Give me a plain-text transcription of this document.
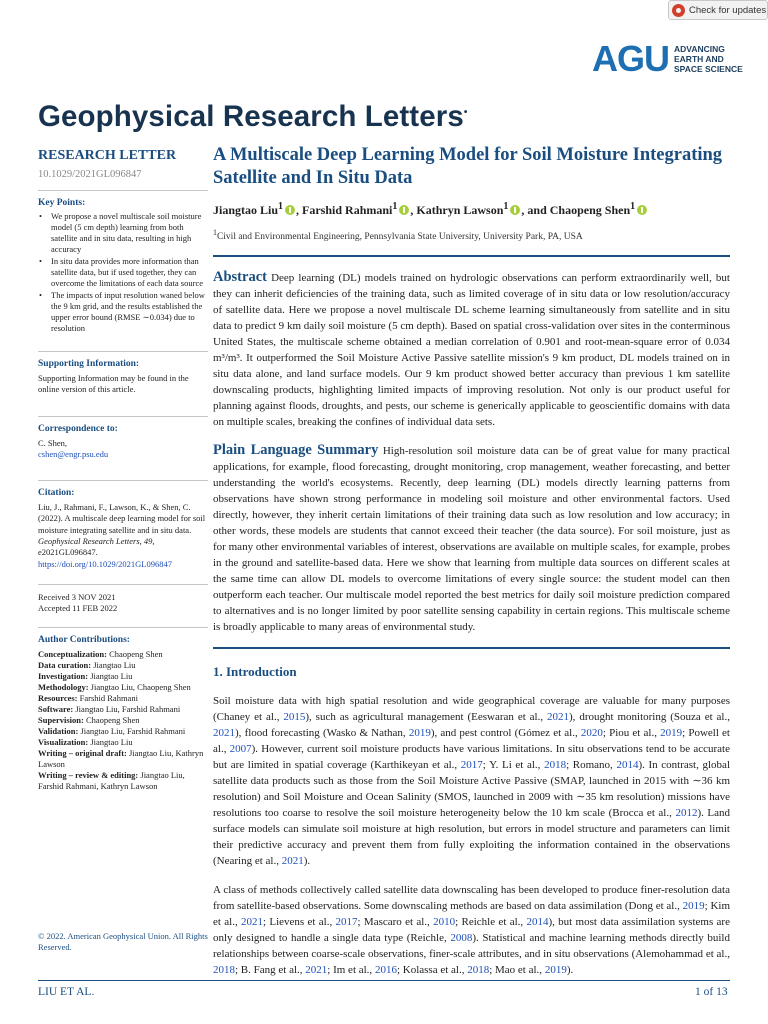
Check for updates
AGU ADVANCING
EARTH AND
SPACE SCIENCE
Geophysical Research Letters•
RESEARCH LETTER
10.1029/2021GL096847
Key Points:
• We propose a novel multiscale soil moisture model (5 cm depth) learning from both satellite and in situ data, resulting in high accuracy
• In situ data provides more information than satellite data, but if used together, they can overcome the limitations of each data source
• The impacts of input resolution waned below the 9 km grid, and the results established the upper error bound (RMSE ∼0.034) due to resolution
Supporting Information:
Supporting Information may be found in the online version of this article.
Correspondence to:
C. Shen,
cshen@engr.psu.edu
Citation:
Liu, J., Rahmani, F., Lawson, K., & Shen, C. (2022). A multiscale deep learning model for soil moisture integrating satellite and in situ data. Geophysical Research Letters, 49, e2021GL096847. https://doi.org/10.1029/2021GL096847
Received 3 NOV 2021
Accepted 11 FEB 2022
Author Contributions:

Conceptualization: Chaopeng Shen

Data curation: Jiangtao Liu

Investigation: Jiangtao Liu

Methodology: Jiangtao Liu, Chaopeng Shen

Resources: Farshid Rahmani

Software: Jiangtao Liu, Farshid Rahmani

Supervision: Chaopeng Shen

Validation: Jiangtao Liu, Farshid Rahmani

Visualization: Jiangtao Liu

Writing – original draft: Jiangtao Liu, Kathryn Lawson

Writing – review & editing: Jiangtao Liu, Farshid Rahmani, Kathryn Lawson

© 2022. American Geophysical Union. All Rights Reserved.
A Multiscale Deep Learning Model for Soil Moisture Integrating Satellite and In Situ Data
Jiangtao Liu$^1$ , Farshid Rahmani$^1$ , Kathryn Lawson$^1$ , and Chaopeng Shen$^1$
$^1$Civil and Environmental Engineering, Pennsylvania State University, University Park, PA, USA
Abstract Deep learning (DL) models trained on hydrologic observations can perform extraordinarily well, but they can inherit deficiencies of the training data, such as limited coverage of in situ data or low resolution/accuracy of satellite data. Here we propose a novel multiscale DL scheme learning simultaneously from satellite and in situ data to predict 9 km daily soil moisture (5 cm depth). Based on spatial cross-validation over sites in the conterminous United States, the multiscale scheme obtained a median correlation of 0.901 and root-mean-square error of 0.034 m³/m³. It outperformed the Soil Moisture Active Passive satellite mission's 9 km product, DL models trained on in situ data alone, and land surface models. Our 9 km product showed better accuracy than previous 1 km satellite downscaling products, highlighting limited impacts of improving resolution. Not only is our product useful for planning against floods, droughts, and pests, our scheme is generically applicable to geoscientific domains with data on multiple scales, breaking the confines of individual data sets.
Plain Language Summary High-resolution soil moisture data can be of great value for many practical applications, for example, flood forecasting, drought monitoring, crop management, weather forecasting, and better understanding the world's ecosystems. Recently, deep learning (DL) models directly learning patterns from observations have shown strong performance in modeling soil moisture and other environmental factors. Used directly, however, they inherit certain limitations of their training data such as low resolution and low accuracy; in other words, these models are students that cannot exceed their teacher (the data source). For soil moisture, just as for many other environmental variables of interest, observations are available on multiple scales, for example, probes in the ground and satellite-based data. Here we show that learning from multiple data sources on different scales at the same time can allow DL models to overcome limitations of every single source: the student model can then outperform each teacher. Our multiscale model reported the best metrics for daily soil moisture prediction compared to alternatives and is no longer limited by poor satellite sensing capability in certain regions. This multiscale scheme is broadly applicable to many areas of environmental study.
1. Introduction
Soil moisture data with high spatial resolution and wide geographical coverage are valuable for many purposes (Chaney et al., 2015), such as agricultural management (Eeswaran et al., 2021), drought monitoring (Souza et al., 2021), flood forecasting (Wasko & Nathan, 2019), and pest control (Gómez et al., 2020; Piou et al., 2019; Powell et al., 2007). However, current soil moisture products have various limitations. In situ observations tend to be accurate but are limited in spatial coverage (Karthikeyan et al., 2017; Y. Li et al., 2018; Romano, 2014). In contrast, global satellite data products such as those from the Soil Moisture Active Passive (SMAP, launched in 2015 with ∼36 km resolution) and Soil Moisture and Ocean Salinity (SMOS, launched in 2009 with ∼35 km resolution) missions have resolutions too coarse to resolve the soil moisture heterogeneity below the 10 km scale (Brocca et al., 2012). Land surface models can simulate soil moisture at high resolution, but errors in model structure and parameters can limit their predictive accuracy and prevent them from fully exploiting the information contained in the observations (Nearing et al., 2021).
A class of methods collectively called satellite data downscaling has been developed to produce finer-resolution data from satellite-based observations. Some downscaling methods are based on data assimilation (Dong et al., 2019; Kim et al., 2021; Lievens et al., 2017; Mascaro et al., 2010; Reichle et al., 2014), but most data assimilation systems are only designed to handle a single data type (Reichle, 2008). Statistical and machine learning methods directly build relationships between coarse-scale observations, finer-scale attributes, and in situ observations (Alemohammad et al., 2018; B. Fang et al., 2021; Im et al., 2016; Kolassa et al., 2018; Mao et al., 2019).
LIU ET AL.	1 of 13
